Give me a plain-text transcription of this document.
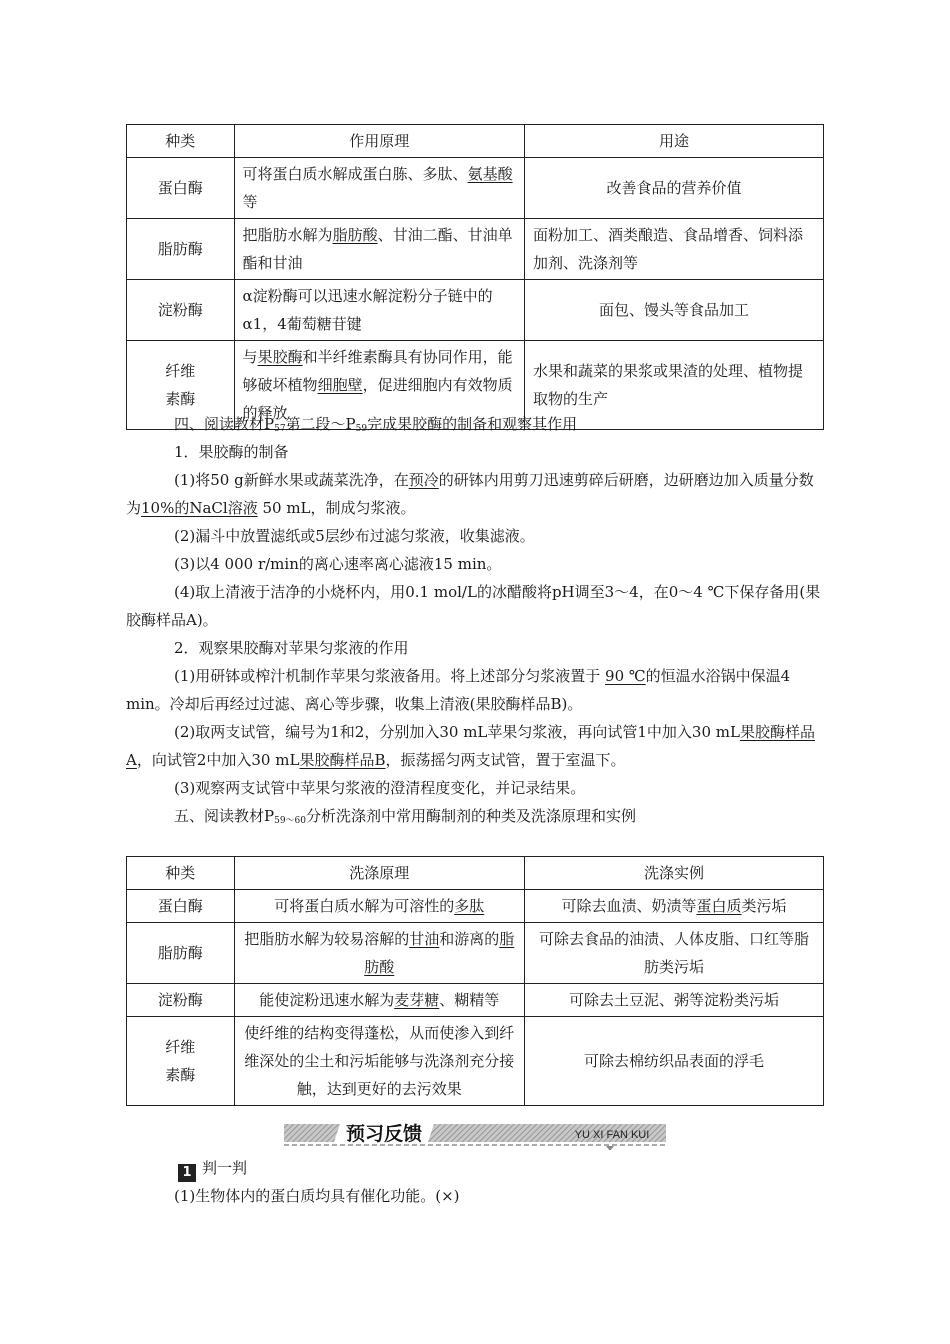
种类	作用原理	用途
蛋白酶	可将蛋白质水解成蛋白胨、多肽、氨基酸等	改善食品的营养价值
脂肪酶	把脂肪水解为脂肪酸、甘油二酯、甘油单酯和甘油	面粉加工、酒类酿造、食品增香、饲料添加剂、洗涤剂等
淀粉酶	α淀粉酶可以迅速水解淀粉分子链中的α1，4葡萄糖苷键	面包、馒头等食品加工
纤维
素酶	与果胶酶和半纤维素酶具有协同作用，能够破坏植物细胞壁，促进细胞内有效物质的释放	水果和蔬菜的果浆或果渣的处理、植物提取物的生产

四、阅读教材$P_{57}$第二段$\sim P_{59}$完成果胶酶的制备和观察其作用

1．果胶酶的制备

(1)将50 g新鲜水果或蔬菜洗净，在预冷的研钵内用剪刀迅速剪碎后研磨，边研磨边加入质量分数为10%的NaCl溶液 50 mL，制成匀浆液。

(2)漏斗中放置滤纸或5层纱布过滤匀浆液，收集滤液。

(3)以4 000 r/min的离心速率离心滤液15 min。

(4)取上清液于洁净的小烧杯内，用0.1 mol/L的冰醋酸将pH调至3～4，在0～4 ℃下保存备用(果胶酶样品A)。

2．观察果胶酶对苹果匀浆液的作用

(1)用研钵或榨汁机制作苹果匀浆液备用。将上述部分匀浆液置于 90 ℃的恒温水浴锅中保温4 min。冷却后再经过过滤、离心等步骤，收集上清液(果胶酶样品B)。

(2)取两支试管，编号为1和2，分别加入30 mL苹果匀浆液，再向试管1中加入30 mL果胶酶样品A，向试管2中加入30 mL果胶酶样品B，振荡摇匀两支试管，置于室温下。

(3)观察两支试管中苹果匀浆液的澄清程度变化，并记录结果。

五、阅读教材$P_{59\sim 60}$分析洗涤剂中常用酶制剂的种类及洗涤原理和实例

种类	洗涤原理	洗涤实例
蛋白酶	可将蛋白质水解为可溶性的多肽	可除去血渍、奶渍等蛋白质类污垢
脂肪酶	把脂肪水解为较易溶解的甘油和游离的脂肪酸	可除去食品的油渍、人体皮脂、口红等脂肪类污垢
淀粉酶	能使淀粉迅速水解为麦芽糖、糊精等	可除去土豆泥、粥等淀粉类污垢
纤维
素酶	使纤维的结构变得蓬松，从而使渗入到纤维深处的尘土和污垢能够与洗涤剂充分接触，达到更好的去污效果	可除去棉纺织品表面的浮毛
预习反馈	YU XI FAN KUI

1 判一判

(1)生物体内的蛋白质均具有催化功能。(×)
